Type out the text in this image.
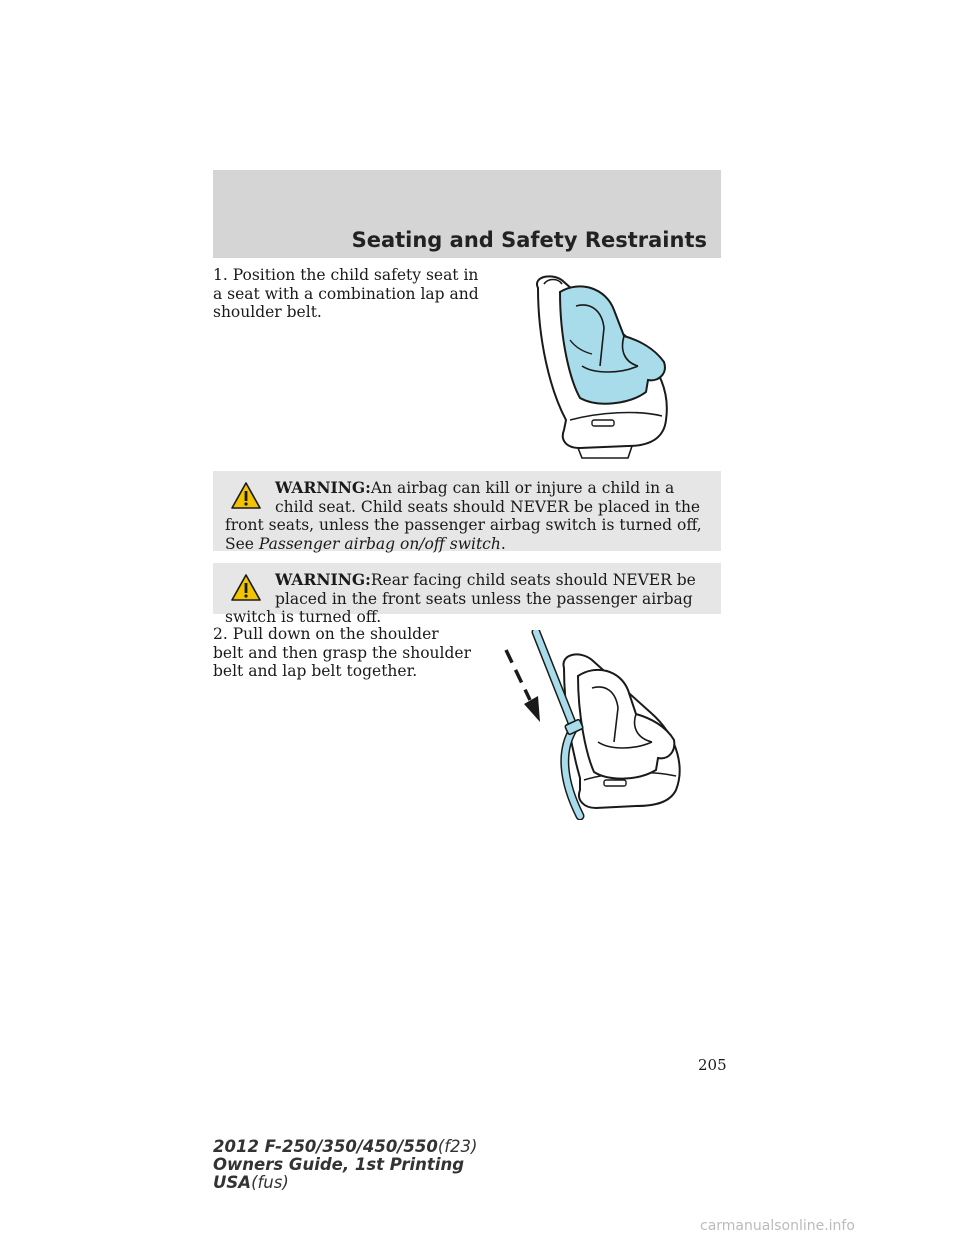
Seating and Safety Restraints
1. Position the child safety seat in a seat with a combination lap and shoulder belt.
WARNING:An airbag can kill or injure a child in a child seat. Child seats should NEVER be placed in the front seats, unless the passenger airbag switch is turned off, See Passenger airbag on/off switch.
WARNING:Rear facing child seats should NEVER be placed in the front seats unless the passenger airbag switch is turned off.
2. Pull down on the shoulder belt and then grasp the shoulder belt and lap belt together.
205
2012 F-250/350/450/550(f23)
Owners Guide, 1st Printing
USA(fus)
carmanualsonline.info
